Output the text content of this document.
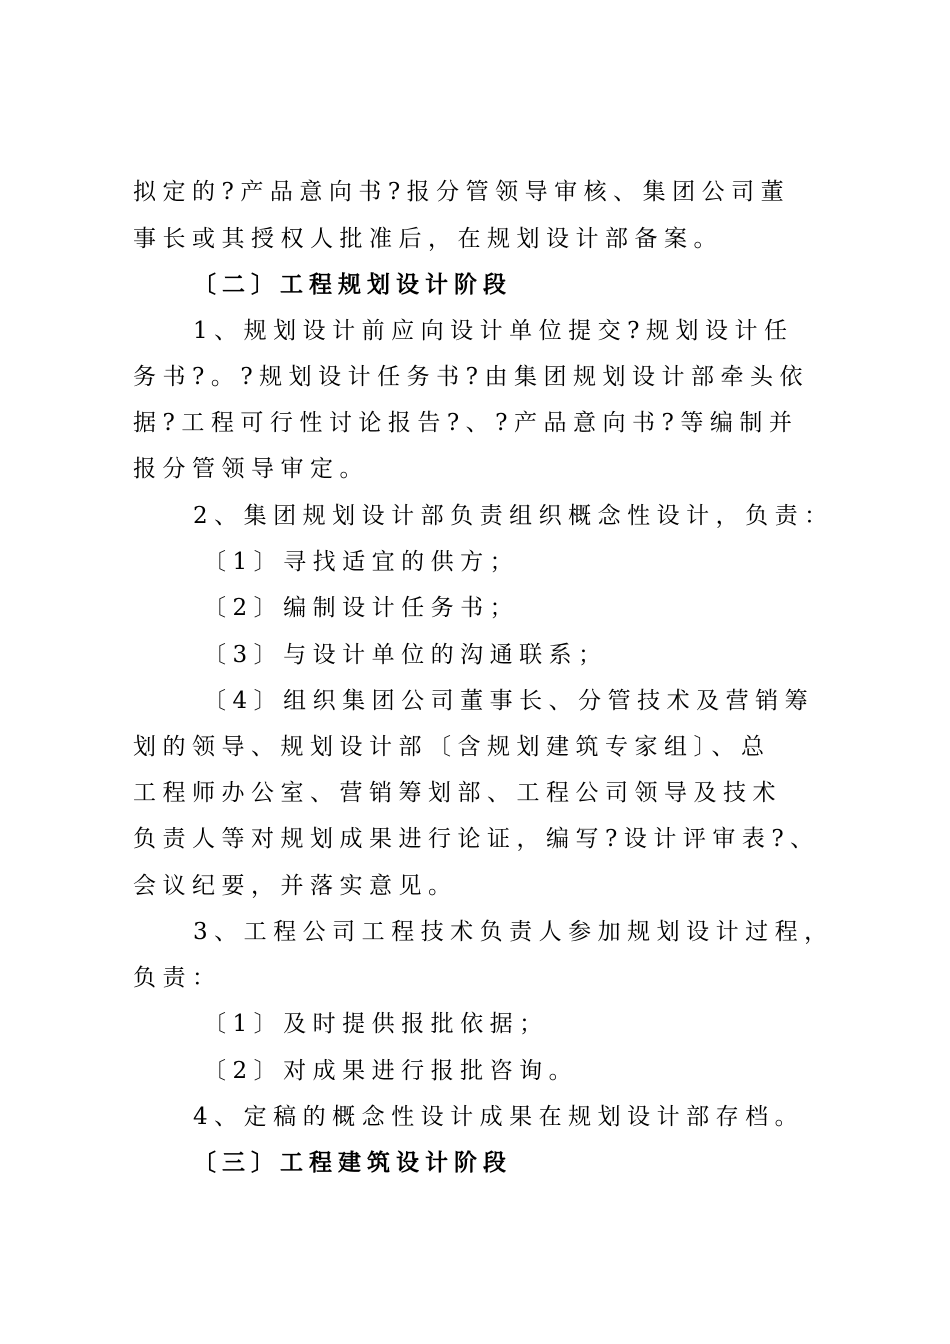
拟定的?产品意向书?报分管领导审核、集团公司董
事长或其授权人批准后，在规划设计部备案。
〔二〕工程规划设计阶段
1、规划设计前应向设计单位提交?规划设计任
务书?。?规划设计任务书?由集团规划设计部牵头依
据?工程可行性讨论报告?、?产品意向书?等编制并
报分管领导审定。
2、集团规划设计部负责组织概念性设计，负责：
〔1〕寻找适宜的供方；
〔2〕编制设计任务书；
〔3〕与设计单位的沟通联系；
〔4〕组织集团公司董事长、分管技术及营销筹
划的领导、规划设计部〔含规划建筑专家组〕、总
工程师办公室、营销筹划部、工程公司领导及技术
负责人等对规划成果进行论证，编写?设计评审表?、
会议纪要，并落实意见。
3、工程公司工程技术负责人参加规划设计过程，
负责：
〔1〕及时提供报批依据；
〔2〕对成果进行报批咨询。
4、定稿的概念性设计成果在规划设计部存档。
〔三〕工程建筑设计阶段
